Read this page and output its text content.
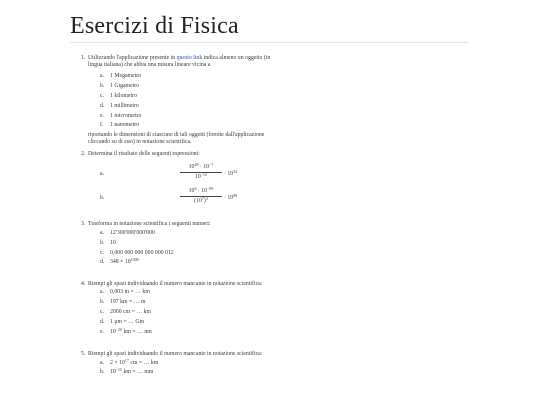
Esercizi di Fisica
1. Utilizzando l'applicazione presente in questo link indica almeno un oggetto (in lingua italiana) che abbia una misura lineare vicina a
a. 1 Megametro
b. 1 Gigametro
c. 1 kilometro
d. 1 millimetro
e. 1 micrometro
f. 1 nanometro
riportando le dimensioni di ciascuno di tali oggetti (fornite dall'applicazione cliccando su di essi) in notazione scientifica.
2. Determina il risultato delle seguenti espressioni:
a.	$\frac{10^{49} \cdot 10^{-7}}{10^{-12}} \cdot 10^{34}$
b.	$\frac{10^6 \cdot 10^{-89}}{(10^7)^3} \cdot 10^{89}$
3. Trasforma in notazione scientifica i seguenti numeri:
a. 12'300'000'000'000
b. 10
c. 0,000 000 000 000 000 012
d. $348 \times 10^{1000}$
4. Riempi gli spazi individuando il numero mancante in notazione scientifica:
a. 0,003 m = … km
b. 197 km = … m
c. 2000 cm = … km
d. 1 μm = … Gm
e. $10^{-20}$ km = … nm
5. Riempi gli spazi individuando il numero mancante in notazione scientifica:
a. $2 \times 10^{17}$ cm = … km
b. $10^{-15}$ km = … mm
